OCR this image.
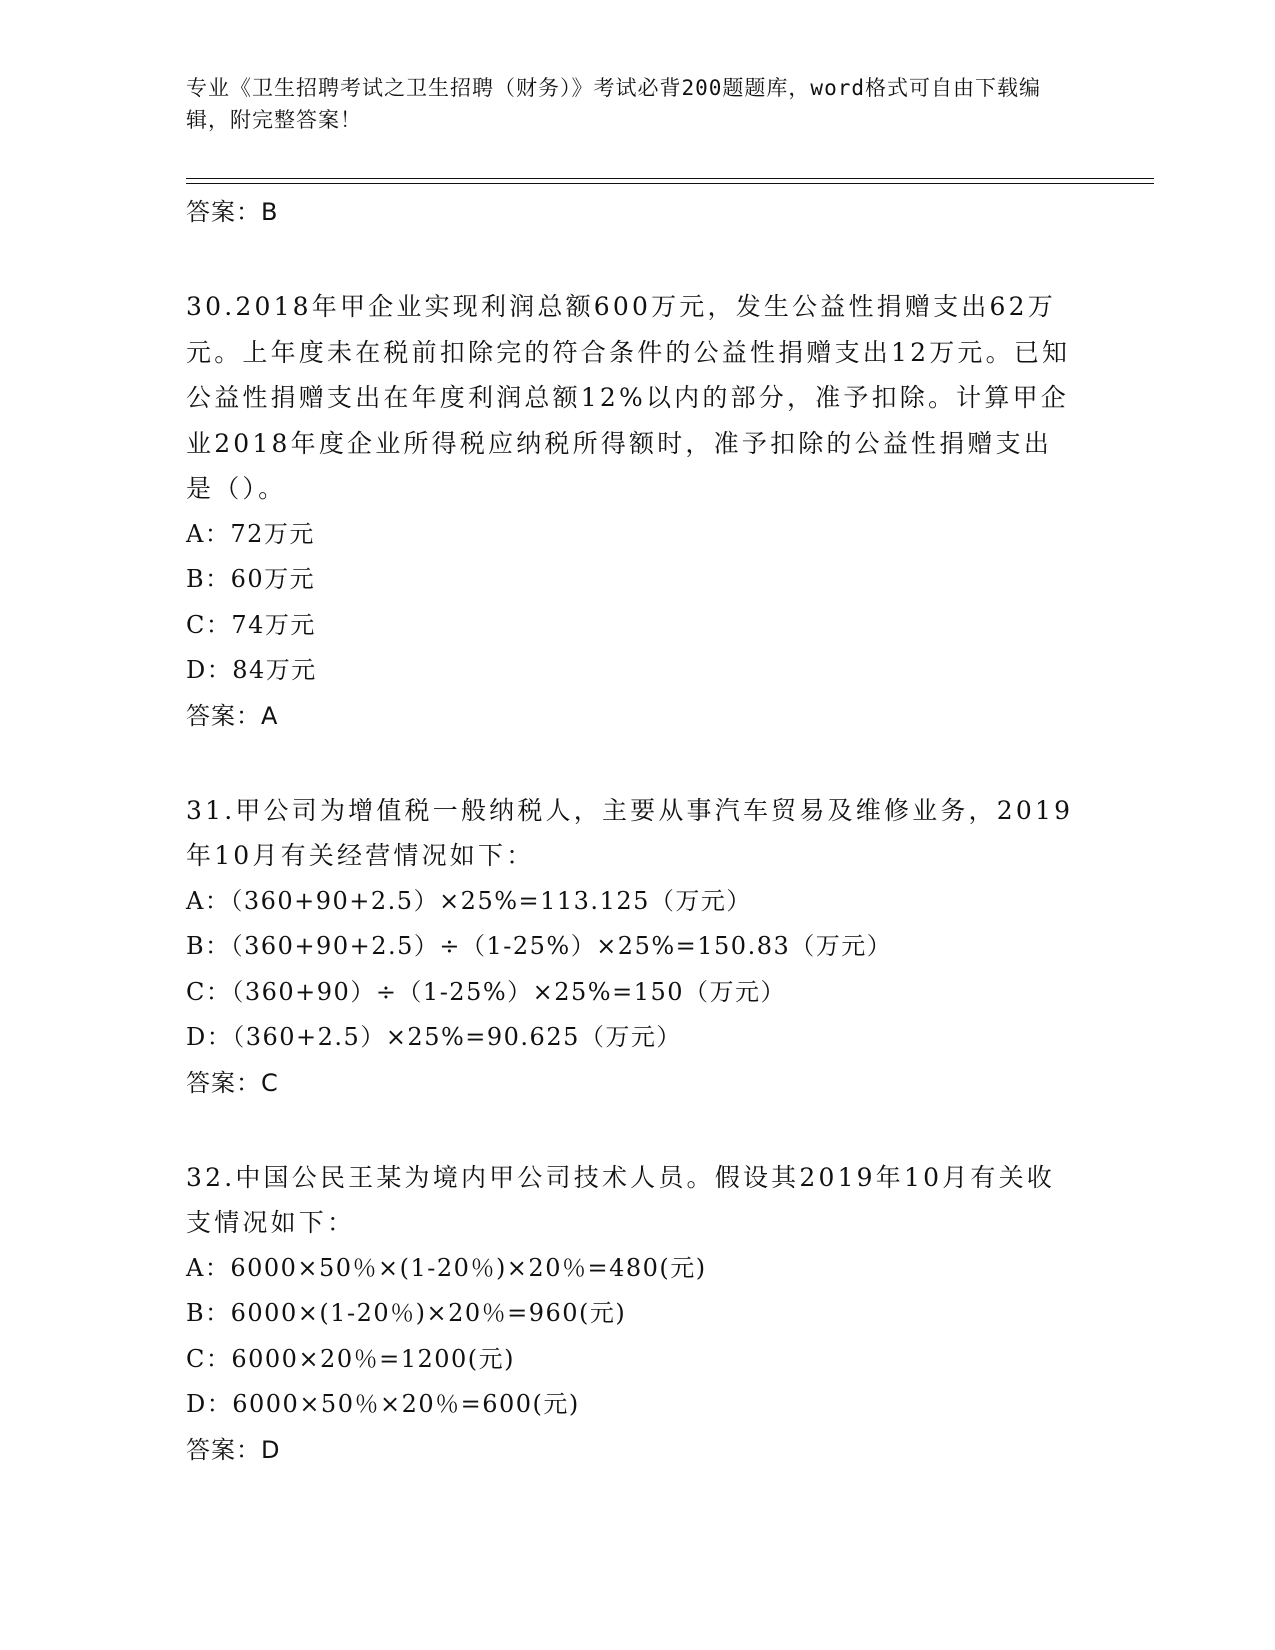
专业《卫生招聘考试之卫生招聘（财务）》考试必背200题题库，word格式可自由下载编辑，附完整答案！
答案：B

30.2018年甲企业实现利润总额600万元，发生公益性捐赠支出62万元。上年度未在税前扣除完的符合条件的公益性捐赠支出12万元。已知公益性捐赠支出在年度利润总额12%以内的部分，准予扣除。计算甲企业2018年度企业所得税应纳税所得额时，准予扣除的公益性捐赠支出是（）。

A：72万元
B：60万元
C：74万元
D：84万元
答案：A

31.甲公司为增值税一般纳税人，主要从事汽车贸易及维修业务，2019年10月有关经营情况如下：

A：（360+90+2.5）×25%=113.125（万元）
B：（360+90+2.5）÷（1-25%）×25%=150.83（万元）
C：（360+90）÷（1-25%）×25%=150（万元）
D：（360+2.5）×25%=90.625（万元）
答案：C

32.中国公民王某为境内甲公司技术人员。假设其2019年10月有关收支情况如下：

A：6000×50％×(1-20％)×20％=480(元)
B：6000×(1-20％)×20％=960(元)
C：6000×20％=1200(元)
D：6000×50％×20％=600(元)
答案：D
